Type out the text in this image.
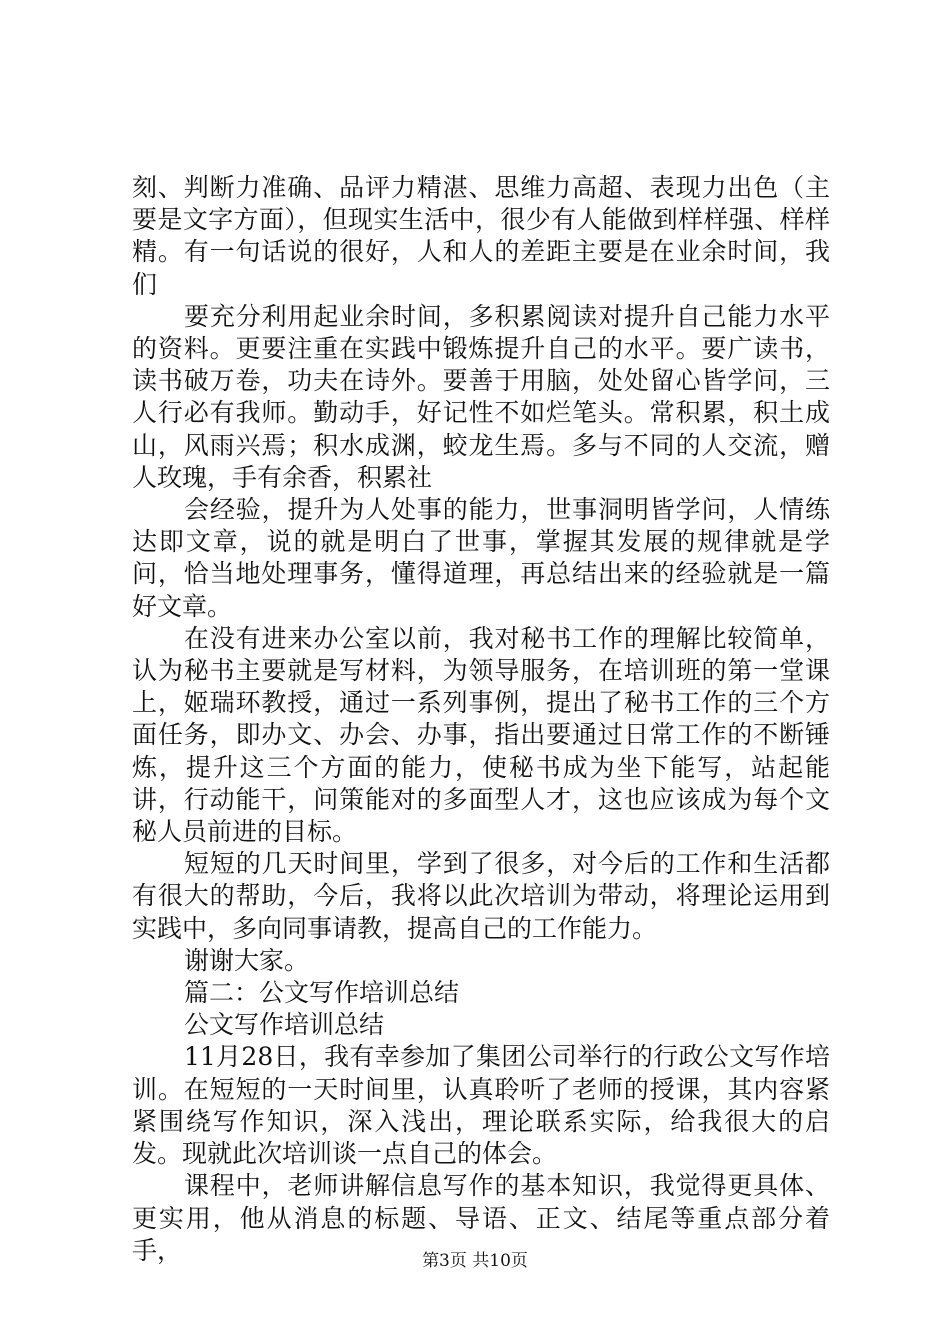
刻、判断力准确、品评力精湛、思维力高超、表现力出色（主要是文字方面），但现实生活中，很少有人能做到样样强、样样精。有一句话说的很好，人和人的差距主要是在业余时间，我们

要充分利用起业余时间，多积累阅读对提升自己能力水平的资料。更要注重在实践中锻炼提升自己的水平。要广读书，读书破万卷，功夫在诗外。要善于用脑，处处留心皆学问，三人行必有我师。勤动手，好记性不如烂笔头。常积累，积土成山，风雨兴焉；积水成渊，蛟龙生焉。多与不同的人交流，赠人玫瑰，手有余香，积累社

会经验，提升为人处事的能力，世事洞明皆学问，人情练达即文章，说的就是明白了世事，掌握其发展的规律就是学问，恰当地处理事务，懂得道理，再总结出来的经验就是一篇好文章。

在没有进来办公室以前，我对秘书工作的理解比较简单，认为秘书主要就是写材料，为领导服务，在培训班的第一堂课上，姬瑞环教授，通过一系列事例，提出了秘书工作的三个方面任务，即办文、办会、办事，指出要通过日常工作的不断锤炼，提升这三个方面的能力，使秘书成为坐下能写，站起能讲，行动能干，问策能对的多面型人才，这也应该成为每个文秘人员前进的目标。

短短的几天时间里，学到了很多，对今后的工作和生活都有很大的帮助，今后，我将以此次培训为带动，将理论运用到实践中，多向同事请教，提高自己的工作能力。

谢谢大家。

篇二：公文写作培训总结

公文写作培训总结

11月28日，我有幸参加了集团公司举行的行政公文写作培训。在短短的一天时间里，认真聆听了老师的授课，其内容紧紧围绕写作知识，深入浅出，理论联系实际，给我很大的启发。现就此次培训谈一点自己的体会。

课程中，老师讲解信息写作的基本知识，我觉得更具体、更实用，他从消息的标题、导语、正文、结尾等重点部分着手，	第3页 共10页
